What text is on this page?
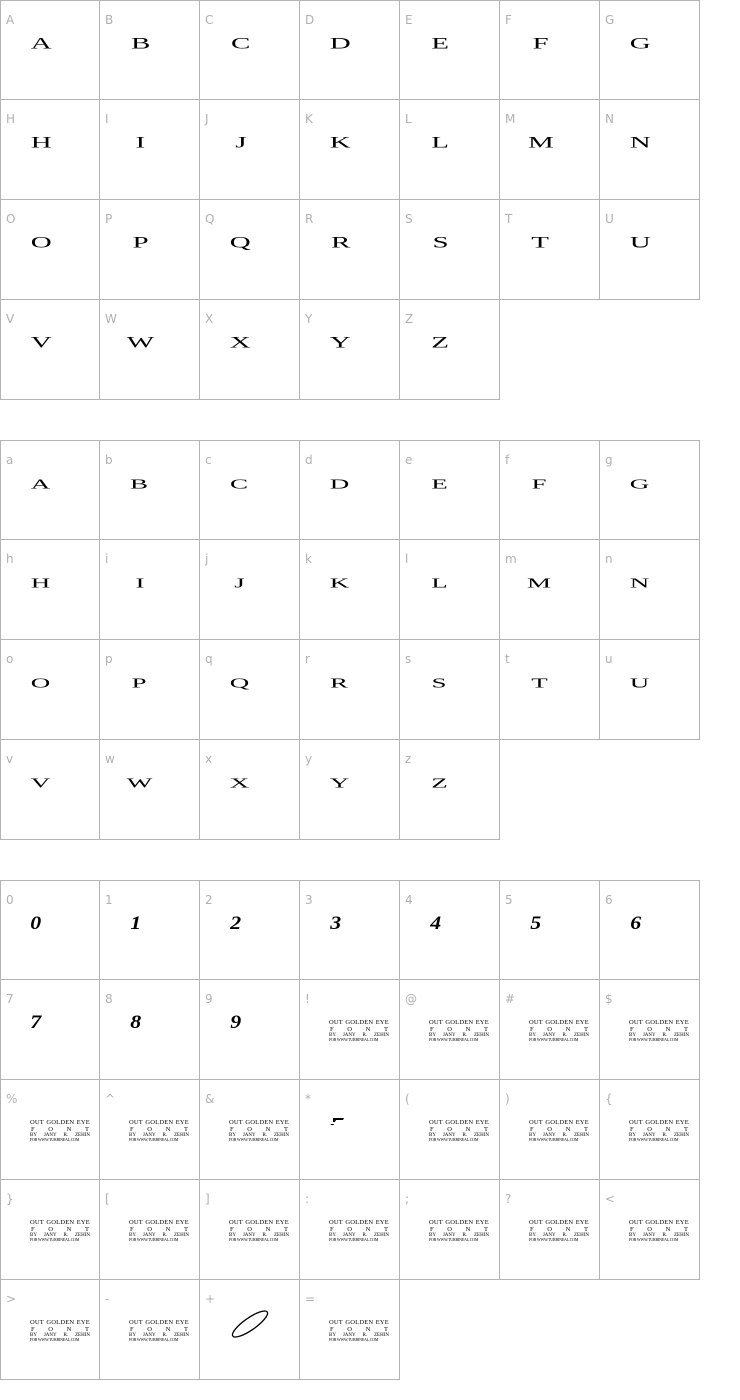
A
A
B
B
C
C
D
D
E
E
F
F
G
G
H
H
I
I
J
J
K
K
L
L
M
M
N
N
O
O
P
P
Q
Q
R
R
S
S
T
T
U
U
V
V
W
W
X
X
Y
Y
Z
Z
a
A
b
B
c
C
d
D
e
E
f
F
g
G
h
H
i
I
j
J
k
K
l
L
m
M
n
N
o
O
p
P
q
Q
r
R
s
S
t
T
u
U
v
V
w
W
x
X
y
Y
z
Z
0
0
1
1
2
2
3
3
4
4
5
5
6
6
7
7
8
8
9
9
!
OUT GOLDEN EYE
F O N T
BY JANY R. ZEHIN
FOR WWW.TURBINEAL.COM
@
OUT GOLDEN EYE
F O N T
BY JANY R. ZEHIN
FOR WWW.TURBINEAL.COM
#
OUT GOLDEN EYE
F O N T
BY JANY R. ZEHIN
FOR WWW.TURBINEAL.COM
$
OUT GOLDEN EYE
F O N T
BY JANY R. ZEHIN
FOR WWW.TURBINEAL.COM
%
OUT GOLDEN EYE
F O N T
BY JANY R. ZEHIN
FOR WWW.TURBINEAL.COM
^
OUT GOLDEN EYE
F O N T
BY JANY R. ZEHIN
FOR WWW.TURBINEAL.COM
&
OUT GOLDEN EYE
F O N T
BY JANY R. ZEHIN
FOR WWW.TURBINEAL.COM
*	(
OUT GOLDEN EYE
F O N T
BY JANY R. ZEHIN
FOR WWW.TURBINEAL.COM
)
OUT GOLDEN EYE
F O N T
BY JANY R. ZEHIN
FOR WWW.TURBINEAL.COM
{
OUT GOLDEN EYE
F O N T
BY JANY R. ZEHIN
FOR WWW.TURBINEAL.COM
}
OUT GOLDEN EYE
F O N T
BY JANY R. ZEHIN
FOR WWW.TURBINEAL.COM
[
OUT GOLDEN EYE
F O N T
BY JANY R. ZEHIN
FOR WWW.TURBINEAL.COM
]
OUT GOLDEN EYE
F O N T
BY JANY R. ZEHIN
FOR WWW.TURBINEAL.COM
:
OUT GOLDEN EYE
F O N T
BY JANY R. ZEHIN
FOR WWW.TURBINEAL.COM
;
OUT GOLDEN EYE
F O N T
BY JANY R. ZEHIN
FOR WWW.TURBINEAL.COM
?
OUT GOLDEN EYE
F O N T
BY JANY R. ZEHIN
FOR WWW.TURBINEAL.COM
<
OUT GOLDEN EYE
F O N T
BY JANY R. ZEHIN
FOR WWW.TURBINEAL.COM
>
OUT GOLDEN EYE
F O N T
BY JANY R. ZEHIN
FOR WWW.TURBINEAL.COM
-
OUT GOLDEN EYE
F O N T
BY JANY R. ZEHIN
FOR WWW.TURBINEAL.COM
+	=
OUT GOLDEN EYE
F O N T
BY JANY R. ZEHIN
FOR WWW.TURBINEAL.COM
